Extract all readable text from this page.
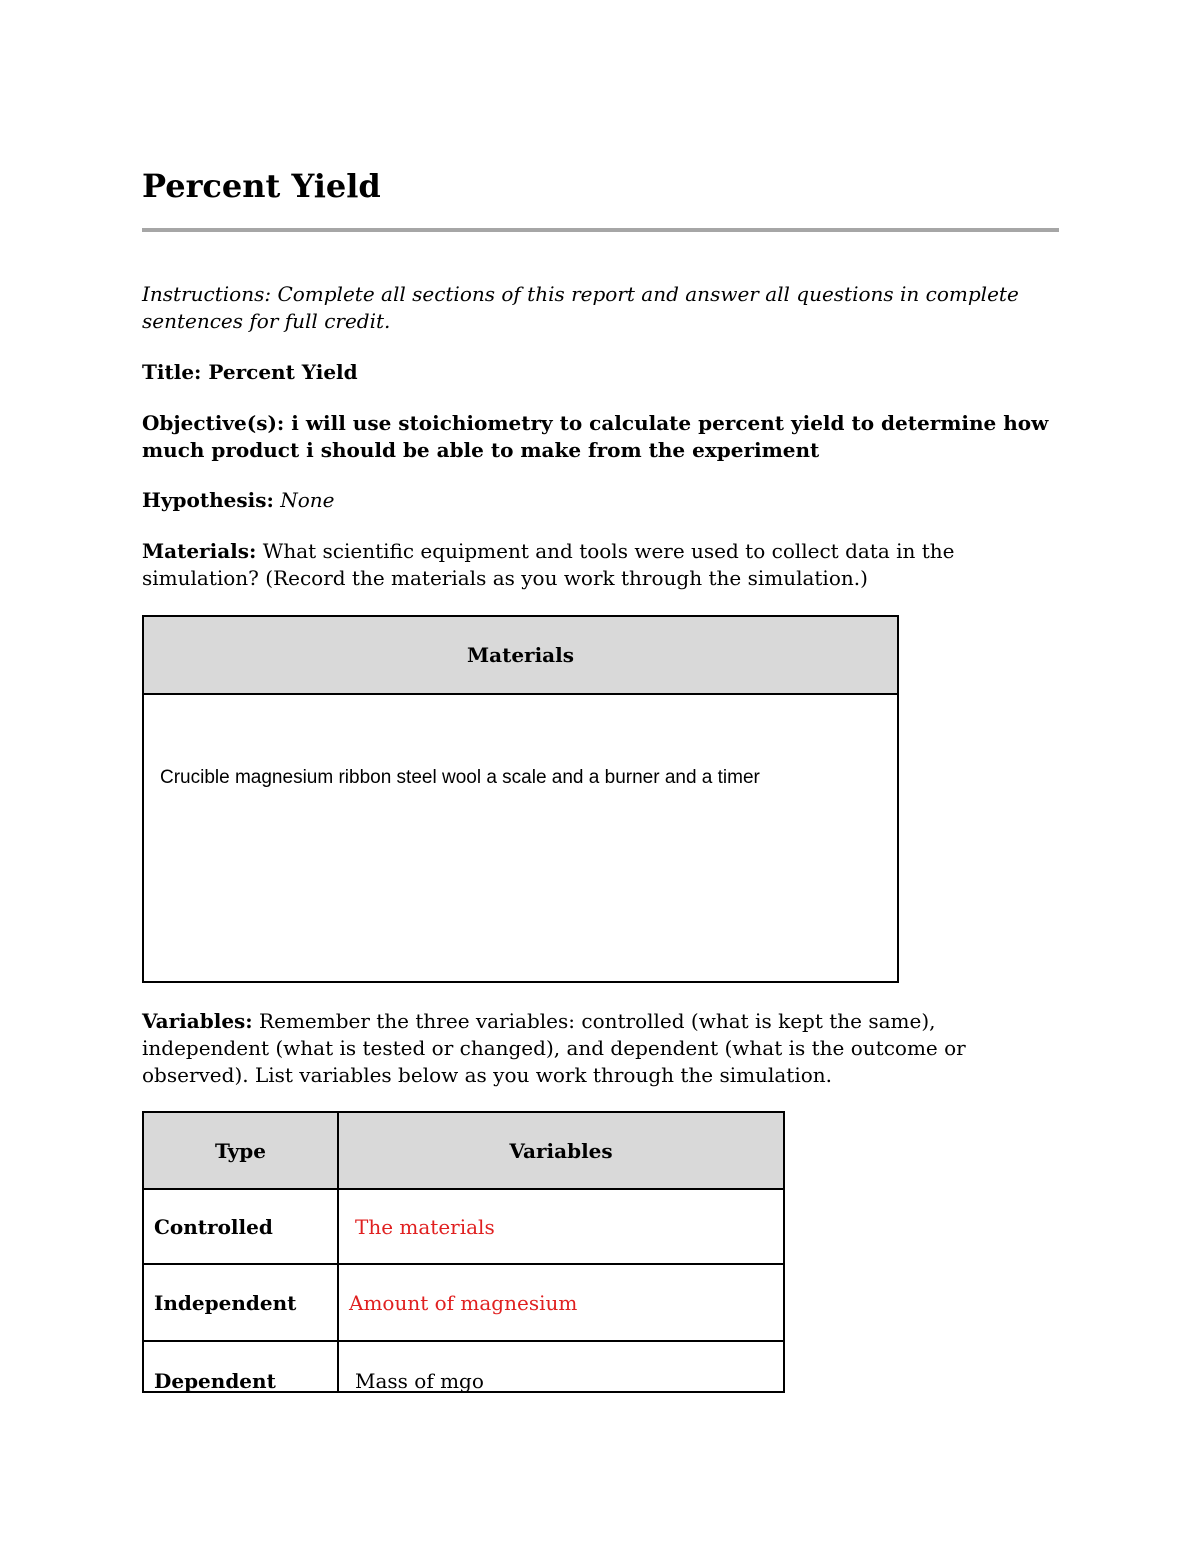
Percent Yield

Instructions: Complete all sections of this report and answer all questions in complete sentences for full credit.

Title: Percent Yield

Objective(s): i will use stoichiometry to calculate percent yield to determine how much product i should be able to make from the experiment

Hypothesis: None

Materials: What scientific equipment and tools were used to collect data in the simulation? (Record the materials as you work through the simulation.)

Materials
Crucible magnesium ribbon steel wool a scale and a burner and a timer

Variables: Remember the three variables: controlled (what is kept the same), independent (what is tested or changed), and dependent (what is the outcome or observed). List variables below as you work through the simulation.

Type	Variables
Controlled	The materials
Independent	Amount of magnesium
Dependent	Mass of mgo
